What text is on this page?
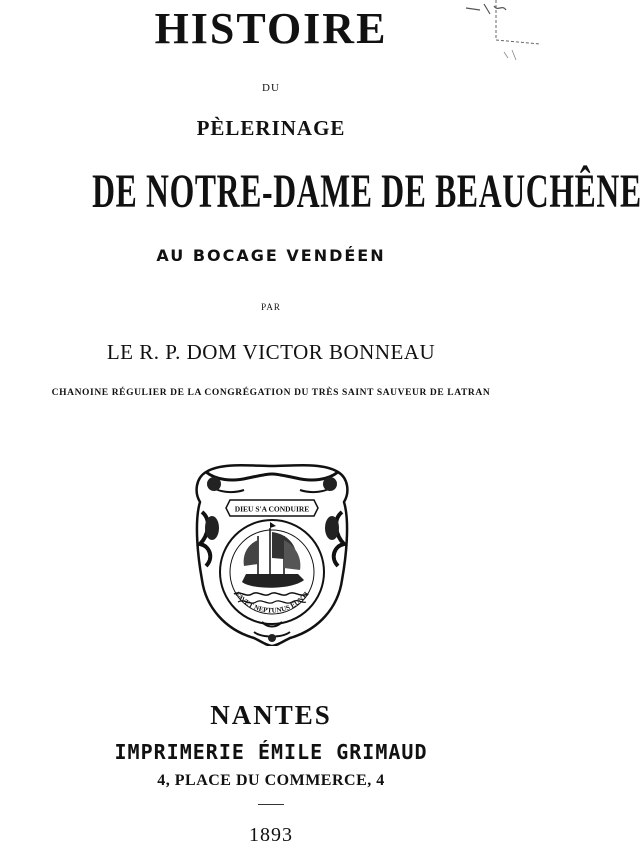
HISTOIRE
DU
PÈLERINAGE
DE NOTRE-DAME DE BEAUCHÊNE
AU BOCAGE VENDÉEN
PAR
LE R. P. DOM VICTOR BONNEAU
CHANOINE RÉGULIER DE LA CONGRÉGATION DU TRÈS SAINT SAUVEUR DE LATRAN
DIEU S'A CONDUIRE
FAVET NEPTUNUS EUNTI
NANTES
IMPRIMERIE ÉMILE GRIMAUD
4, PLACE DU COMMERCE, 4
1893
